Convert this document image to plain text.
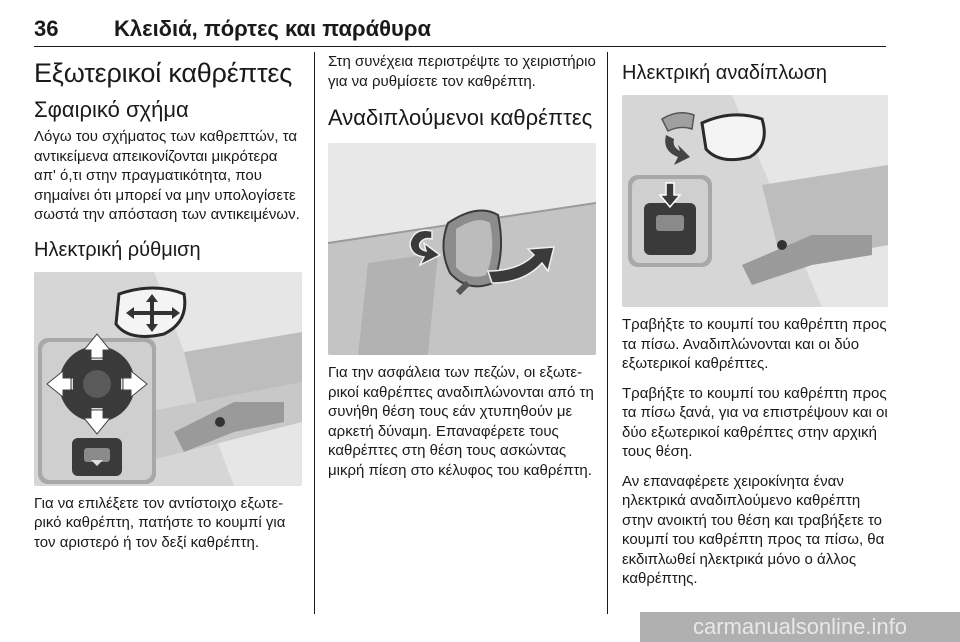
36	Κλειδιά, πόρτες και παράθυρα
Εξωτερικοί καθρέπτες
Σφαιρικό σχήμα

Λόγω του σχήματος των καθρεπτών, τα αντικείμενα απεικονίζονται μικρότερα απ' ό,τι στην πραγματικότητα, που σημαίνει ότι μπορεί να μην υπολογίσετε σωστά την απόσταση των αντικειμένων.

Ηλεκτρική ρύθμιση

Για να επιλέξετε τον αντίστοιχο εξωτερικό καθρέπτη, πατήστε το κουμπί για τον αριστερό ή τον δεξί καθρέπτη.

Στη συνέχεια περιστρέψτε το χειριστήριο για να ρυθμίσετε τον καθρέπτη.

Αναδιπλούμενοι καθρέπτες

Για την ασφάλεια των πεζών, οι εξωτερικοί καθρέπτες αναδιπλώνονται από τη συνήθη θέση τους εάν χτυπηθούν με αρκετή δύναμη. Επαναφέρετε τους καθρέπτες στη θέση τους ασκώντας μικρή πίεση στο κέλυφος του καθρέπτη.

Ηλεκτρική αναδίπλωση

Τραβήξτε το κουμπί του καθρέπτη προς τα πίσω. Αναδιπλώνονται και οι δύο εξωτερικοί καθρέπτες.

Τραβήξτε το κουμπί του καθρέπτη προς τα πίσω ξανά, για να επιστρέψουν και οι δύο εξωτερικοί καθρέπτες στην αρχική τους θέση.

Αν επαναφέρετε χειροκίνητα έναν ηλεκτρικά αναδιπλούμενο καθρέπτη στην ανοικτή του θέση και τραβήξετε το κουμπί του καθρέπτη προς τα πίσω, θα εκδιπλωθεί ηλεκτρικά μόνο ο άλλος καθρέπτης.

carmanualsonline.info
